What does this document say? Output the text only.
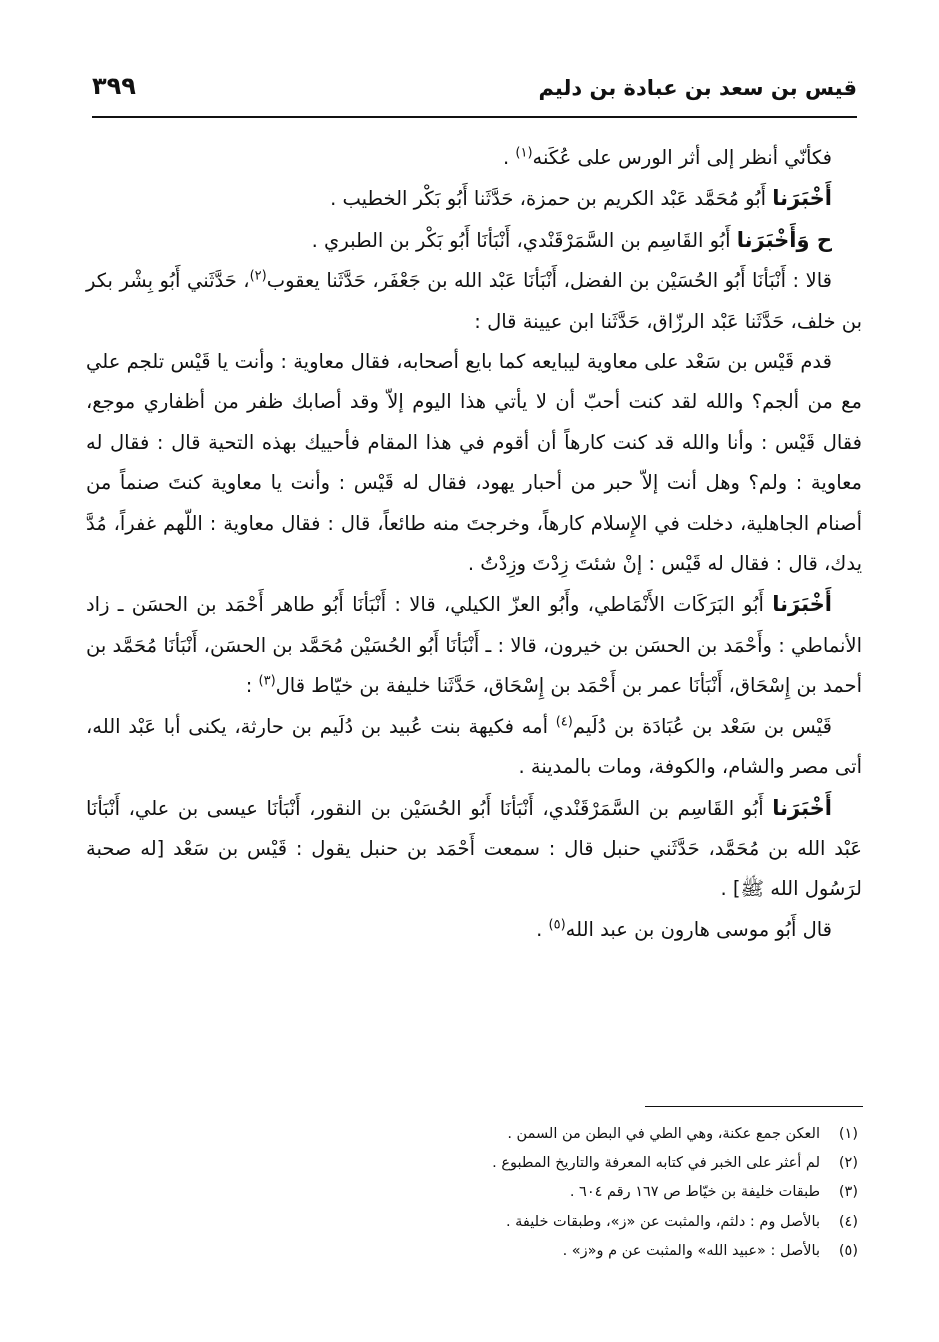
قيس بن سعد بن عبادة بن دليم
٣٩٩

فكأنّي أنظر إلى أثر الورس على عُكَنه$^{(١)}$ .

أَخْبَرَنا أَبُو مُحَمَّد عَبْد الكريم بن حمزة، حَدَّثَنا أَبُو بَكْر الخطيب .

ح وَأَخْبَرَنا أَبُو القَاسِم بن السَّمَرْقَنْدي، أَنْبَأنَا أَبُو بَكْر بن الطبري .

قالا : أَنْبَأنَا أَبُو الحُسَيْن بن الفضل، أَنْبَأنَا عَبْد الله بن جَعْفَر، حَدَّثَنا يعقوب$^{(٢)}$، حَدَّثَني أَبُو بِشْر بكر بن خلف، حَدَّثَنا عَبْد الرزّاق، حَدَّثَنا ابن عيينة قال :

قدم قَيْس بن سَعْد على معاوية ليبايعه كما بايع أصحابه، فقال معاوية : وأنت يا قَيْس تلجم علي مع من ألجم؟ والله لقد كنت أحبّ أن لا يأتي هذا اليوم إلاّ وقد أصابك ظفر من أظفاري موجع، فقال قَيْس : وأنا والله قد كنت كارهاً أن أقوم في هذا المقام فأحييك بهذه التحية قال : فقال له معاوية : ولم؟ وهل أنت إلاّ حبر من أحبار يهود، فقال له قَيْس : وأنت يا معاوية كنتَ صنماً من أصنام الجاهلية، دخلت في الإِسلام كارهاً، وخرجتَ منه طائعاً، قال : فقال معاوية : اللّهم غفراً، مُدَّ يدك، قال : فقال له قَيْس : إنْ شئتَ زِدْتَ وزِدْتُ .

أَخْبَرَنا أَبُو البَرَكَات الأَنْمَاطي، وأَبُو العزّ الكيلي، قالا : أَنْبَأنَا أَبُو طاهر أَحْمَد بن الحسَن ـ زاد الأنماطي : وأَحْمَد بن الحسَن بن خيرون، قالا : ـ أَنْبَأنَا أَبُو الحُسَيْن مُحَمَّد بن الحسَن، أَنْبَأنَا مُحَمَّد بن أحمد بن إِسْحَاق، أَنْبَأنَا عمر بن أَحْمَد بن إِسْحَاق، حَدَّثَنا خليفة بن خيّاط قال$^{(٣)}$ :

قَيْس بن سَعْد بن عُبَادَة بن دُلَيم$^{(٤)}$ أمه فكيهة بنت عُبيد بن دُلَيم بن حارثة، يكنى أبا عَبْد الله، أتى مصر والشام، والكوفة، ومات بالمدينة .

أَخْبَرَنا أَبُو القَاسِم بن السَّمَرْقَنْدي، أَنْبَأنَا أَبُو الحُسَيْن بن النقور، أَنْبَأنَا عيسى بن علي، أَنْبَأنَا عَبْد الله بن مُحَمَّد، حَدَّثَني حنبل قال : سمعت أَحْمَد بن حنبل يقول : قَيْس بن سَعْد [له صحبة لرَسُول الله ﷺ] .

قال أَبُو موسى هارون بن عبد الله$^{(٥)}$ .

(١)
العكن جمع عكنة، وهي الطي في البطن من السمن .
(٢)
لم أعثر على الخبر في كتابه المعرفة والتاريخ المطبوع .
(٣)
طبقات خليفة بن خيّاط ص ١٦٧ رقم ٦٠٤ .
(٤)
بالأصل وم : دلثم، والمثبت عن «ز»، وطبقات خليفة .
(٥)
بالأصل : «عبيد الله» والمثبت عن م و«ز» .
